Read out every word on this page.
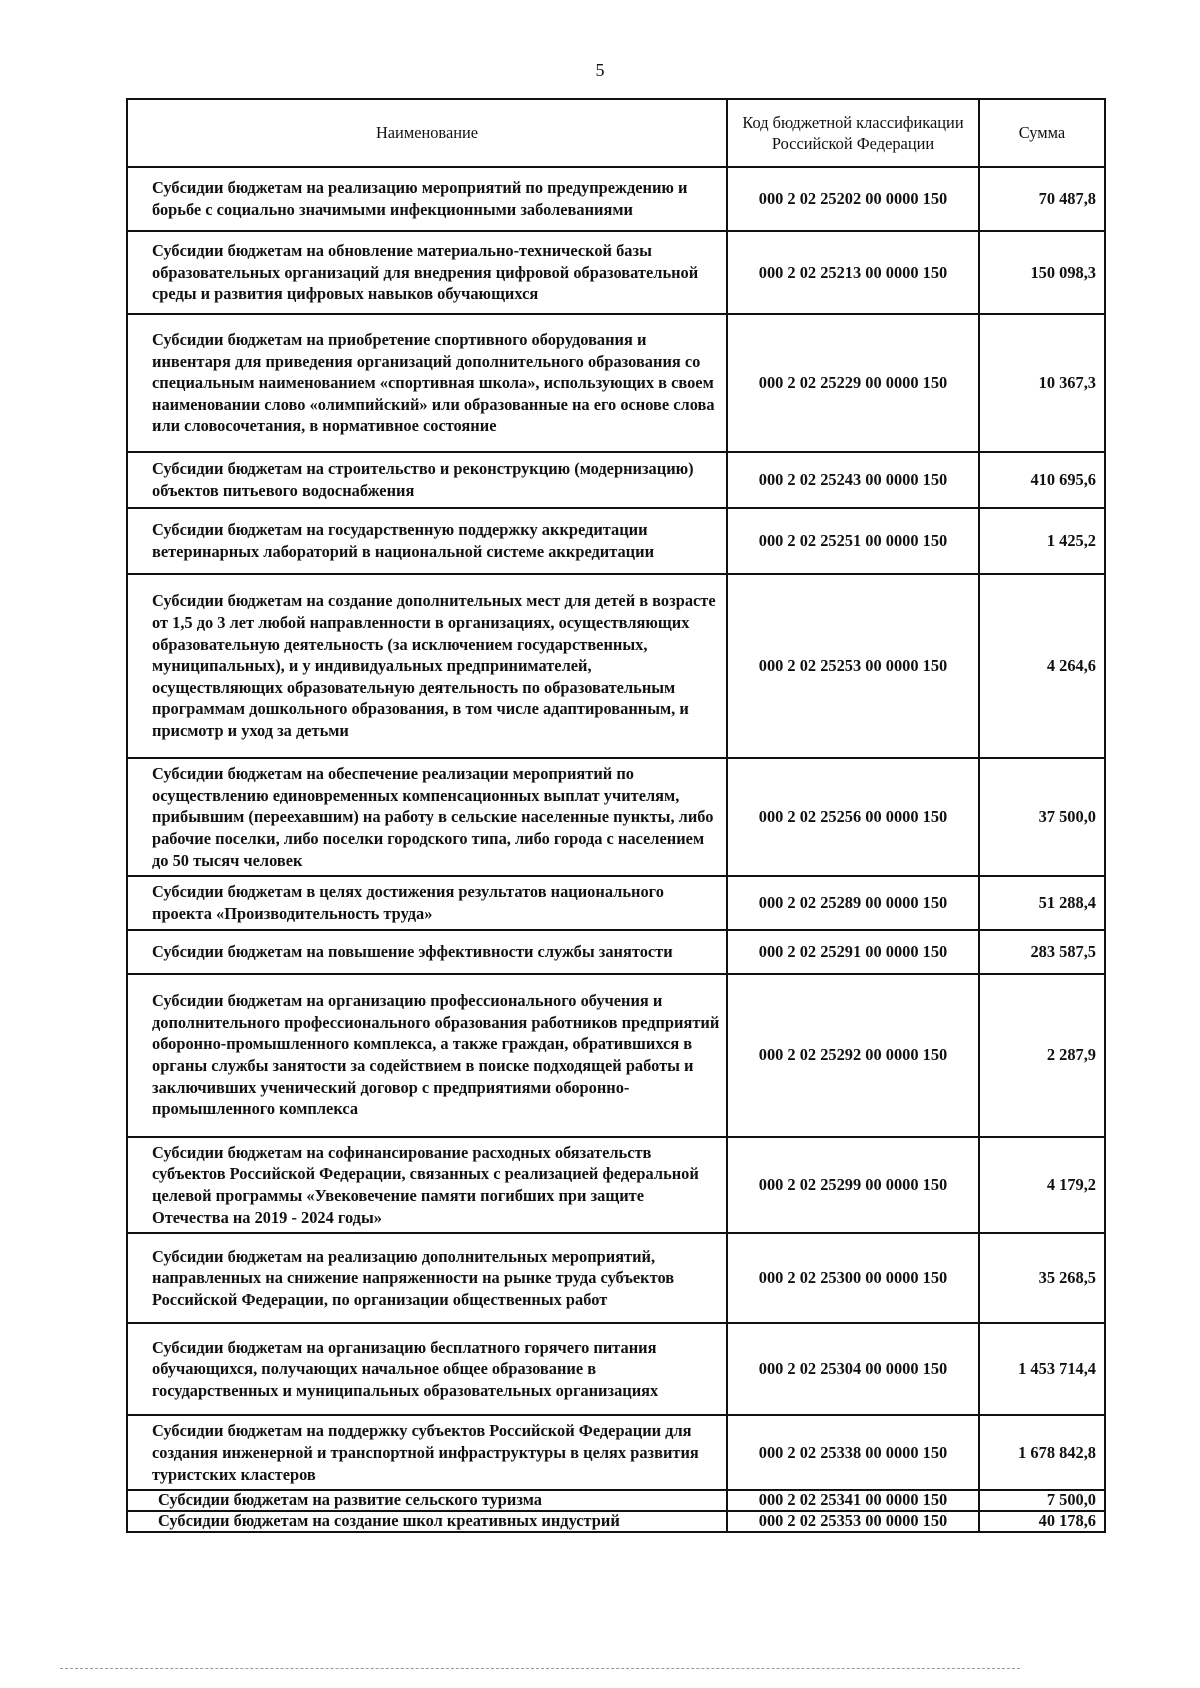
5
Наименование	Код бюджетной классификации Российской Федерации	Сумма
Субсидии бюджетам на реализацию мероприятий по предупреждению и борьбе с социально значимыми инфекционными заболеваниями	000 2 02 25202 00 0000 150	70 487,8
Субсидии бюджетам на обновление материально-технической базы образовательных организаций для внедрения цифровой образовательной среды и развития цифровых навыков обучающихся	000 2 02 25213 00 0000 150	150 098,3
Субсидии бюджетам на приобретение спортивного оборудования и инвентаря для приведения организаций дополнительного образования со специальным наименованием «спортивная школа», использующих в своем наименовании слово «олимпийский» или образованные на его основе слова или словосочетания, в нормативное состояние	000 2 02 25229 00 0000 150	10 367,3
Субсидии бюджетам на строительство и реконструкцию (модернизацию) объектов питьевого водоснабжения	000 2 02 25243 00 0000 150	410 695,6
Субсидии бюджетам на государственную поддержку аккредитации ветеринарных лабораторий в национальной системе аккредитации	000 2 02 25251 00 0000 150	1 425,2
Субсидии бюджетам на создание дополнительных мест для детей в возрасте от 1,5 до 3 лет любой направленности в организациях, осуществляющих образовательную деятельность (за исключением государственных, муниципальных), и у индивидуальных предпринимателей, осуществляющих образовательную деятельность по образовательным программам дошкольного образования, в том числе адаптированным, и присмотр и уход за детьми	000 2 02 25253 00 0000 150	4 264,6
Субсидии бюджетам на обеспечение реализации мероприятий по осуществлению единовременных компенсационных выплат учителям, прибывшим (переехавшим) на работу в сельские населенные пункты, либо рабочие поселки, либо поселки городского типа, либо города с населением до 50 тысяч человек	000 2 02 25256 00 0000 150	37 500,0
Субсидии бюджетам в целях достижения результатов национального проекта «Производительность труда»	000 2 02 25289 00 0000 150	51 288,4
Субсидии бюджетам на повышение эффективности службы занятости	000 2 02 25291 00 0000 150	283 587,5
Субсидии бюджетам на организацию профессионального обучения и дополнительного профессионального образования работников предприятий оборонно-промышленного комплекса, а также граждан, обратившихся в органы службы занятости за содействием в поиске подходящей работы и заключивших ученический договор с предприятиями оборонно-промышленного комплекса	000 2 02 25292 00 0000 150	2 287,9
Субсидии бюджетам на софинансирование расходных обязательств субъектов Российской Федерации, связанных с реализацией федеральной целевой программы «Увековечение памяти погибших при защите Отечества на 2019 - 2024 годы»	000 2 02 25299 00 0000 150	4 179,2
Субсидии бюджетам на реализацию дополнительных мероприятий, направленных на снижение напряженности на рынке труда субъектов Российской Федерации, по организации общественных работ	000 2 02 25300 00 0000 150	35 268,5
Субсидии бюджетам на организацию бесплатного горячего питания обучающихся, получающих начальное общее образование в государственных и муниципальных образовательных организациях	000 2 02 25304 00 0000 150	1 453 714,4
Субсидии бюджетам на поддержку субъектов Российской Федерации для создания инженерной и транспортной инфраструктуры в целях развития туристских кластеров	000 2 02 25338 00 0000 150	1 678 842,8
Субсидии бюджетам на развитие сельского туризма	000 2 02 25341 00 0000 150	7 500,0
Субсидии бюджетам на создание школ креативных индустрий	000 2 02 25353 00 0000 150	40 178,6
